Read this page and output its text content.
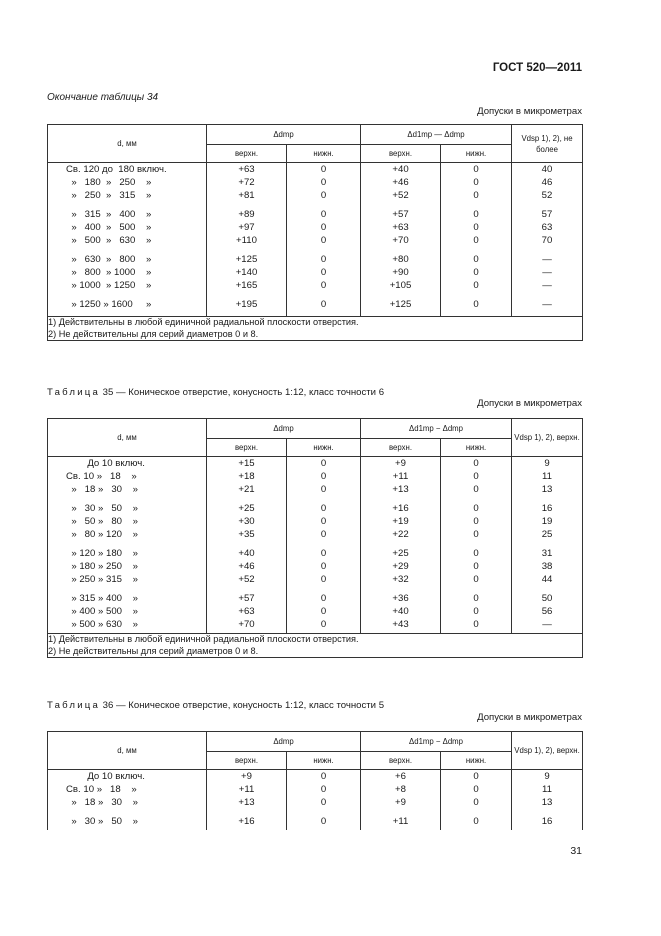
ГОСТ 520—2011
Окончание таблицы 34
Допуски в микрометрах
d, мм	Δdmp		Δd1mp — Δdmp		Vdsp 1), 2), не более
	верхн.	нижн.	верхн.	нижн.	
Св. 120 до  180 включ.	+63	0	+40	0	40
»   180  »   250    »	+72	0	+46	0	46
»   250  »   315    »	+81	0	+52	0	52

»   315  »   400    »	+89	0	+57	0	57
»   400  »   500    »	+97	0	+63	0	63
»   500  »   630    »	+110	0	+70	0	70

»   630  »   800    »	+125	0	+80	0	—
»   800  » 1000    »	+140	0	+90	0	—
» 1000  » 1250    »	+165	0	+105	0	—

» 1250 » 1600     »	+195	0	+125	0	—

1) Действительны в любой единичной радиальной плоскости отверстия.
2) Не действительны для серий диаметров 0 и 8.					
Таблица 35 — Коническое отверстие, конусность 1:12, класс точности 6
Допуски в микрометрах
d, мм	Δdmp		Δd1mp − Δdmp		Vdsp 1), 2), верхн.
	верхн.	нижн.	верхн.	нижн.	
До 10 включ.	+15	0	+9	0	9
Св. 10 »   18    »	+18	0	+11	0	11
»   18 »   30    »	+21	0	+13	0	13

»   30 »   50    »	+25	0	+16	0	16
»   50 »   80    »	+30	0	+19	0	19
»   80 » 120    »	+35	0	+22	0	25

» 120 » 180    »	+40	0	+25	0	31
» 180 » 250    »	+46	0	+29	0	38
» 250 » 315    »	+52	0	+32	0	44

» 315 » 400    »	+57	0	+36	0	50
» 400 » 500    »	+63	0	+40	0	56
» 500 » 630    »	+70	0	+43	0	—

1) Действительны в любой единичной радиальной плоскости отверстия.
2) Не действительны для серий диаметров 0 и 8.					
Таблица 36 — Коническое отверстие, конусность 1:12, класс точности 5
Допуски в микрометрах
d, мм	Δdmp		Δd1mp − Δdmp		Vdsp 1), 2), верхн.
	верхн.	нижн.	верхн.	нижн.	
До 10 включ.	+9	0	+6	0	9
Св. 10 »   18    »	+11	0	+8	0	11
»   18 »   30    »	+13	0	+9	0	13

»   30 »   50    »	+16	0	+11	0	16

31
